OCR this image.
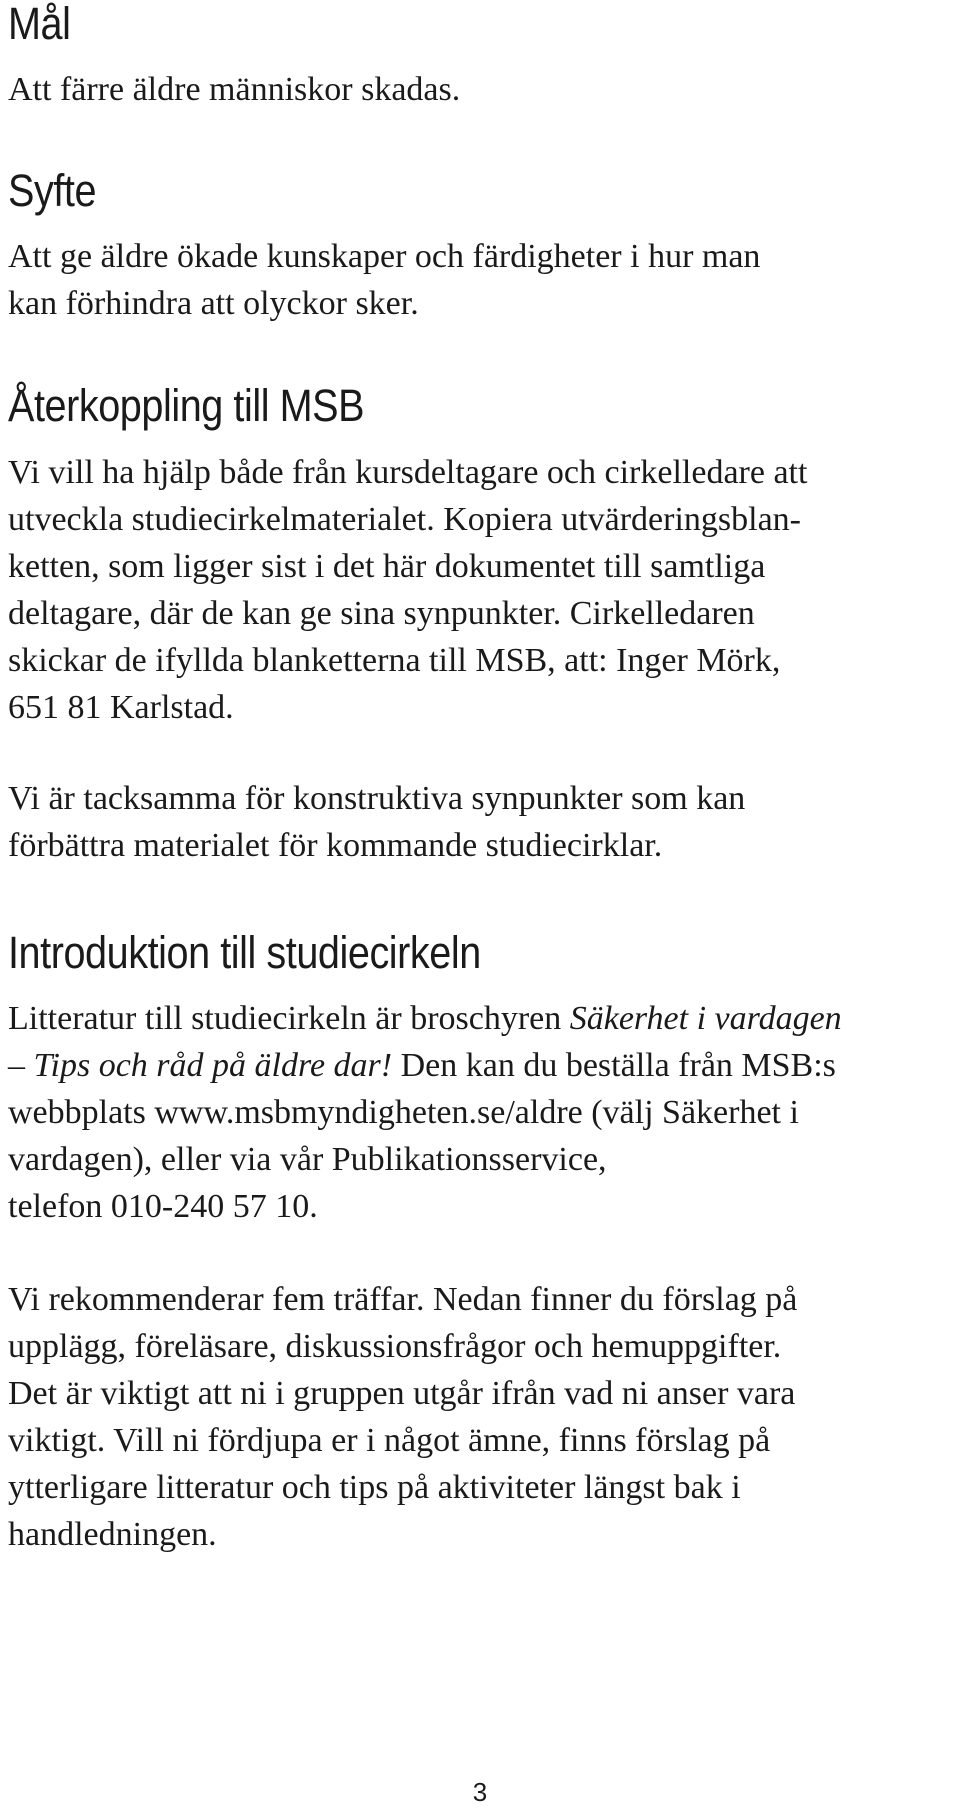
Mål

Att färre äldre människor skadas.

Syfte

Att ge äldre ökade kunskaper och färdigheter i hur man
kan förhindra att olyckor sker.

Återkoppling till MSB

Vi vill ha hjälp både från kursdeltagare och cirkelledare att
utveckla studiecirkelmaterialet. Kopiera utvärderingsblan-
ketten, som ligger sist i det här dokumentet till samtliga
deltagare, där de kan ge sina synpunkter. Cirkelledaren
skickar de ifyllda blanketterna till MSB, att: Inger Mörk,
651 81 Karlstad.

Vi är tacksamma för konstruktiva synpunkter som kan
förbättra materialet för kommande studiecirklar.

Introduktion till studiecirkeln

Litteratur till studiecirkeln är broschyren Säkerhet i vardagen
– Tips och råd på äldre dar! Den kan du beställa från MSB:s
webbplats www.msbmyndigheten.se/aldre (välj Säkerhet i
vardagen), eller via vår Publikationsservice,
telefon 010-240 57 10.

Vi rekommenderar fem träffar. Nedan finner du förslag på
upplägg, föreläsare, diskussionsfrågor och hemuppgifter.
Det är viktigt att ni i gruppen utgår ifrån vad ni anser vara
viktigt. Vill ni fördjupa er i något ämne, finns förslag på
ytterligare litteratur och tips på aktiviteter längst bak i
handledningen.

3
